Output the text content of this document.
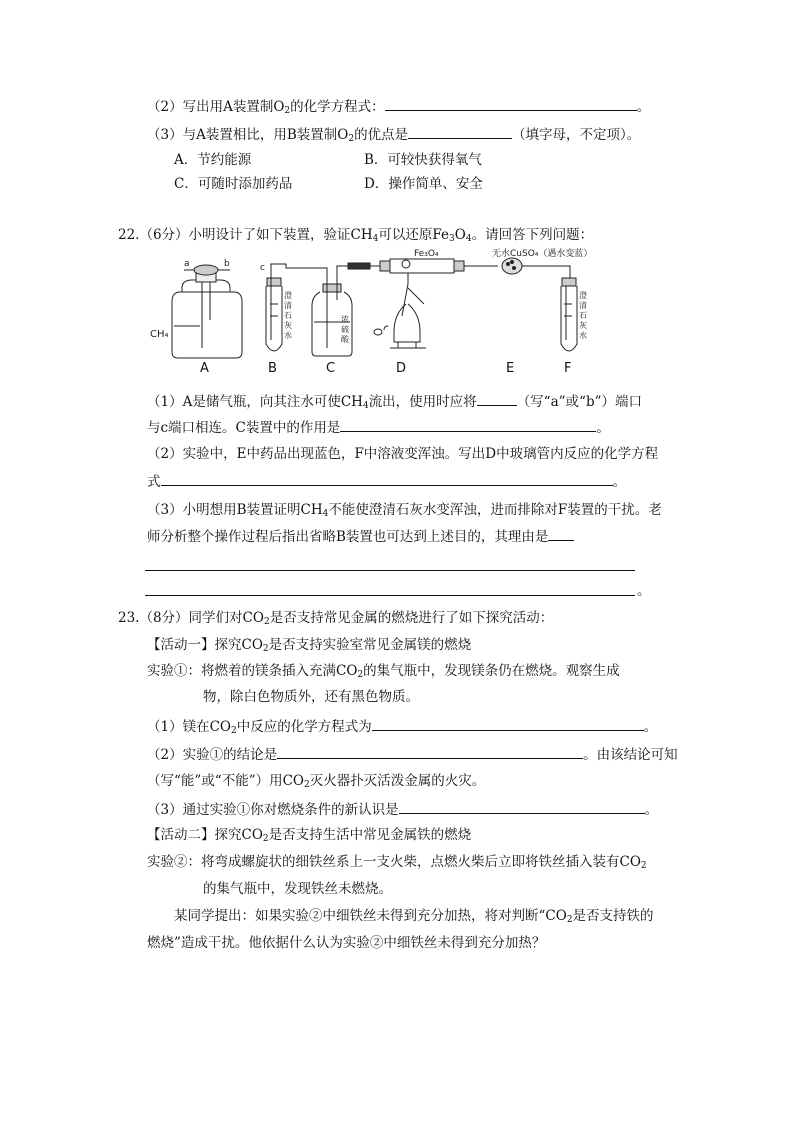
（2）写出用A装置制$O_2$的化学方程式：	。
（3）与A装置相比，用B装置制$O_2$的优点是	（填字母，不定项）。
A．节约能源	B．可较快获得氧气
C．可随时添加药品	D．操作简单、安全
22.（6分）小明设计了如下装置，验证$CH_4$可以还原$Fe_3O_4$。请回答下列问题：
a	b	c
CH₄
Fe₃O₄	无水CuSO₄（遇水变蓝）
澄
清
石
灰
水
浓
硫
酸
澄
清
石
灰
水
A	B	C	D	E	F
（1）A是储气瓶，向其注水可使$CH_4$流出，使用时应将	（写“a”或“b”）端口
与c端口相连。C装置中的作用是	。
（2）实验中，E中药品出现蓝色，F中溶液变浑浊。写出D中玻璃管内反应的化学方程
式	。
（3）小明想用B装置证明$CH_4$不能使澄清石灰水变浑浊，进而排除对F装置的干扰。老
师分析整个操作过程后指出省略B装置也可达到上述目的，其理由是
。
23.（8分）同学们对$CO_2$是否支持常见金属的燃烧进行了如下探究活动：
【活动一】探究$CO_2$是否支持实验室常见金属镁的燃烧
实验①：将燃着的镁条插入充满$CO_2$的集气瓶中，发现镁条仍在燃烧。观察生成
物，除白色物质外，还有黑色物质。
（1）镁在$CO_2$中反应的化学方程式为	。
（2）实验①的结论是	。由该结论可知
（写“能”或“不能”）用$CO_2$灭火器扑灭活泼金属的火灾。
（3）通过实验①你对燃烧条件的新认识是	。
【活动二】探究$CO_2$是否支持生活中常见金属铁的燃烧
实验②：将弯成螺旋状的细铁丝系上一支火柴，点燃火柴后立即将铁丝插入装有$CO_2$
的集气瓶中，发现铁丝未燃烧。
某同学提出：如果实验②中细铁丝未得到充分加热，将对判断“$CO_2$是否支持铁的
燃烧”造成干扰。他依据什么认为实验②中细铁丝未得到充分加热？
